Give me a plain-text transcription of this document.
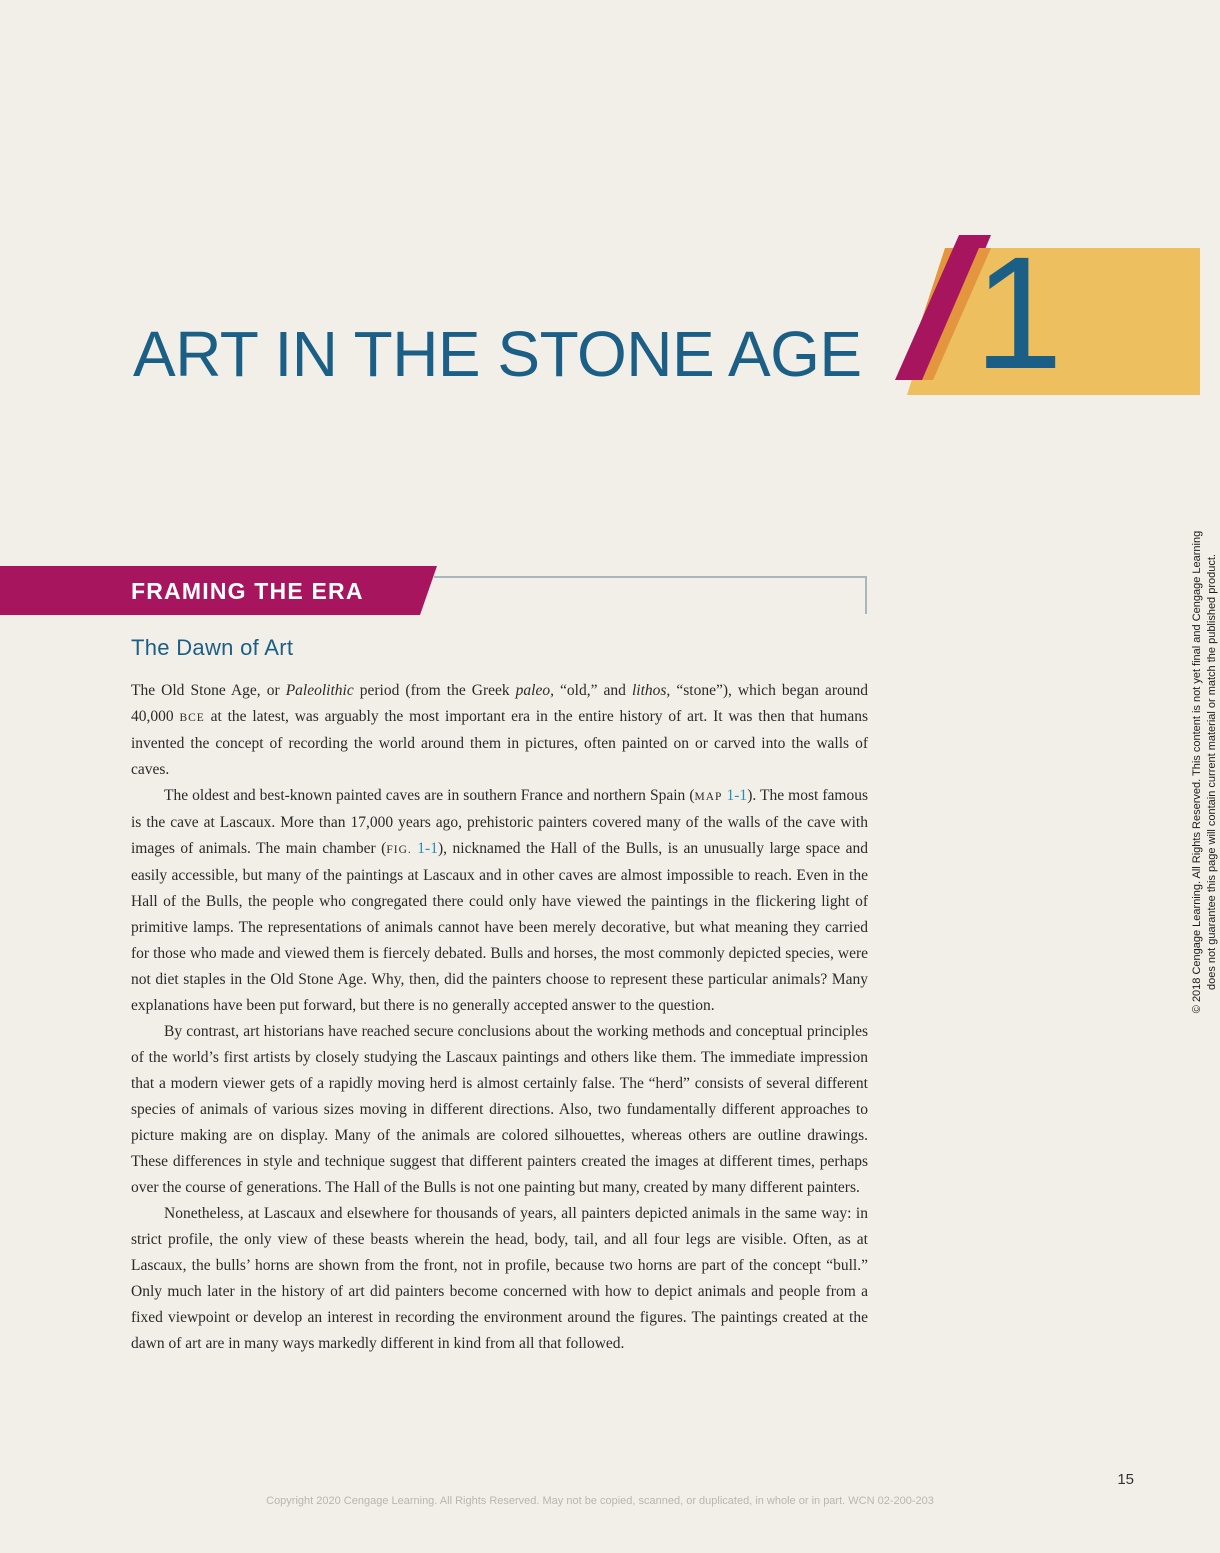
ART IN THE STONE AGE 1
FRAMING THE ERA
The Dawn of Art

The Old Stone Age, or Paleolithic period (from the Greek paleo, “old,” and lithos, “stone”), which began around 40,000 BCE at the latest, was arguably the most important era in the entire history of art. It was then that humans invented the concept of recording the world around them in pictures, often painted on or carved into the walls of caves.

The oldest and best-known painted caves are in southern France and northern Spain (MAP 1-1). The most famous is the cave at Lascaux. More than 17,000 years ago, prehistoric painters covered many of the walls of the cave with images of animals. The main chamber (FIG. 1-1), nicknamed the Hall of the Bulls, is an unusually large space and easily accessible, but many of the paintings at Lascaux and in other caves are almost impossible to reach. Even in the Hall of the Bulls, the people who congregated there could only have viewed the paintings in the flickering light of primitive lamps. The representations of animals cannot have been merely decorative, but what meaning they carried for those who made and viewed them is fiercely debated. Bulls and horses, the most commonly depicted species, were not diet staples in the Old Stone Age. Why, then, did the painters choose to represent these particular animals? Many explanations have been put forward, but there is no generally accepted answer to the question.

By contrast, art historians have reached secure conclusions about the working methods and conceptual principles of the world’s first artists by closely studying the Lascaux paintings and others like them. The immediate impression that a modern viewer gets of a rapidly moving herd is almost certainly false. The “herd” consists of several different species of animals of various sizes moving in different directions. Also, two fundamentally different approaches to picture making are on display. Many of the animals are colored silhouettes, whereas others are outline drawings. These differences in style and technique suggest that different painters created the images at different times, perhaps over the course of generations. The Hall of the Bulls is not one painting but many, created by many different painters.

Nonetheless, at Lascaux and elsewhere for thousands of years, all painters depicted animals in the same way: in strict profile, the only view of these beasts wherein the head, body, tail, and all four legs are visible. Often, as at Lascaux, the bulls’ horns are shown from the front, not in profile, because two horns are part of the concept “bull.” Only much later in the history of art did painters become concerned with how to depict animals and people from a fixed viewpoint or develop an interest in recording the environment around the figures. The paintings created at the dawn of art are in many ways markedly different in kind from all that followed.

15
Copyright 2020 Cengage Learning. All Rights Reserved. May not be copied, scanned, or duplicated, in whole or in part. WCN 02-200-203
© 2018 Cengage Learning. All Rights Reserved. This content is not yet final and Cengage Learning does not guarantee this page will contain current material or match the published product.
